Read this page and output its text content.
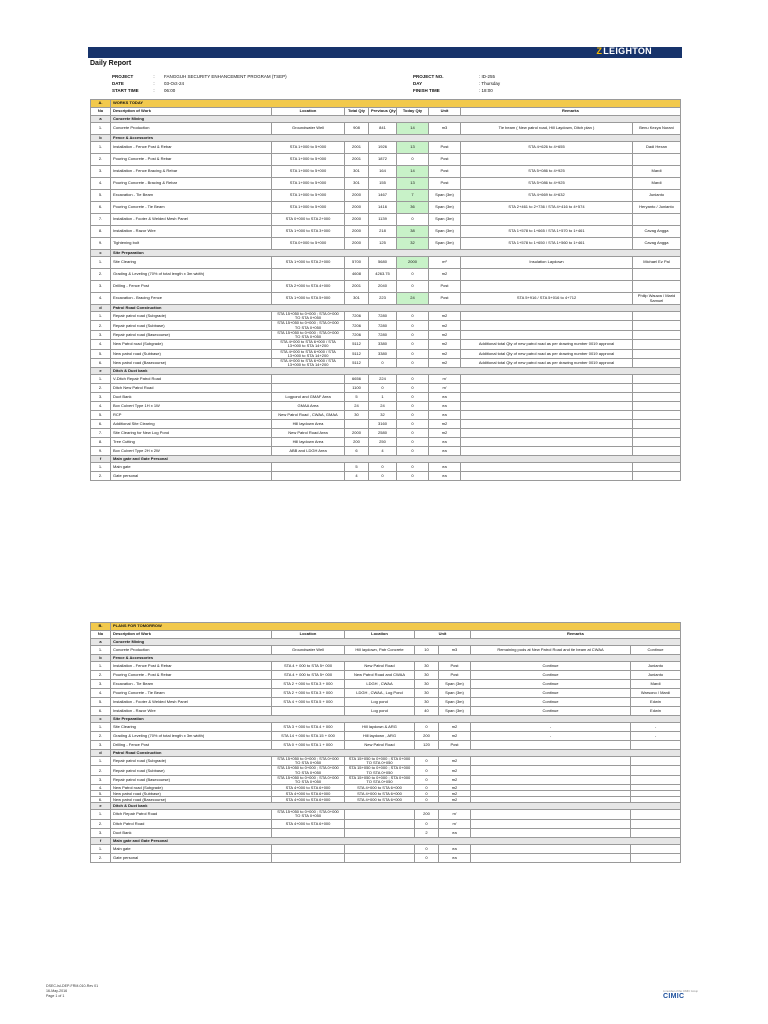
ZLEIGHTON
Daily Report
PROJECT	: FANGGUH SECURITY ENHANCEMENT PROGRAM (TSEP)
DATE	: 03-Oct-24
START TIME	: 06:00
PROJECT NO.	: ID-255
DAY	: Thursday
FINISH TIME	: 18:00
A.	WORKS TODAY							
No	Description of Work	Location	Total Qty	Previous Qty	Today Qty	Unit	Remarks	
a	Concrete Mixing							
1.	Concrete Production	Groundwater Well	908	841	14	m3	Tie beam ( New patrol road, Hill Laydown, Ditch plan )	Benu Kezya Nurani
b	Fence & Accessories							
1.	Installation - Fence Post & Rebar	STA 1+000 to 5+000	2001	1926	13	Post	STA 4+626 to 4+655	Dadi Hexan
2.	Pouring Concrete - Post & Rebar	STA 1+000 to 5+000	2001	1872	0	Post		
3.	Installation - Fence Bracing & Rebar	STA 1+000 to 5+000	301	164	14	Post	STA 5+086 to 4+925	Mardi
4.	Pouring Concrete - Bracing & Rebar	STA 1+000 to 5+000	301	155	13	Post	STA 5+086 to 4+925	Mardi
5.	Excavation - Tie Beam	STA 1+000 to 5+000	2000	1467	7	Span (3m)	STA 4+669 to 4+632	Junianto
6.	Pouring Concrete - Tie Beam	STA 1+000 to 5+000	2000	1416	36	Span (3m)	STA 2+461 to 2+736 / STA 4+416 to 4+574	Heryanto / Junianto
7.	Installation - Footer & Welded Mesh Panel	STA 0+000 to STA 2+000	2000	1139	0	Span (3m)		
8.	Installation - Razor Wire	STA 1+000 to STA 3+000	2000	218	38	Span (3m)	STA 1+578 to 1+665 / STA 1+570 to 1+461	Cavag Angga
9.	Tightening bolt	STA 0+000 to 5+000	2000	125	32	Span (3m)	STA 1+578 to 1+650 / STA 1+560 to 1+461	Cavag Angga
c	Site Preparation							
1.	Site Clearing	STA 1+000 to STA 2+000	5700	5680	2000	m²	Insulation Laydown	Michael Ez Pal
2.	Grading & Leveling (70% of total length x 3m width)		4608	4263.75	0	m2		
3.	Drilling - Fence Post	STA 2+000 to STA 4+000	2001	2040	0	Post		
4.	Excavation - Bracing Fence	STA 1+000 to STA 5+000	301	223	24	Post	STA 5+916 / STA 5+016 to 4+712	Philip Wauwa / Marid Samuel
d	Patrol Road Construction							
1.	Repair patrol road (Subgrade)	STA 15+050 to 0+000 ; STA 0+000 TO STA 0+050	7206	7280	0	m2		
2.	Repair patrol road (Subbase)	STA 15+050 to 0+000 ; STA 0+000 TO STA 0+050	7206	7280	0	m2		
3.	Repair patrol road (Basecourse)	STA 15+050 to 0+000 ; STA 0+000 TO STA 0+050	7206	7280	0	m2		
4.	New Patrol road (Subgrade)	STA 4+000 to STA 6+000 / STA 13+000 to STA 14+200	5112	3380	0	m2	Additional total Qty of new patrol road as per drawing number 0019 approval	
5.	New patrol road (Subbase)	STA 4+000 to STA 6+000 / STA 13+000 to STA 14+200	5112	3380	0	m2	Additional total Qty of new patrol road as per drawing number 0019 approval	
6.	New patrol road (Basecourse)	STA 4+000 to STA 6+000 / STA 13+000 to STA 14+200	5112	0	0	m2	Additional total Qty of new patrol road as per drawing number 0019 approval	
e	Ditch & Duct bank							
1.	V-Ditch Repair Patrol Road		6656	224	0	m'		
2.	Ditch New Patrol Road		1100	0	0	m'		
3.	Duct Bank	Logpond and GMAF Area	5	1	0	ea		
4.	Box Culvert Type 1H x 1W	GMAA Area	24	24	0	ea		
5.	RCP	New Patrol Road , CWAA, GMAA	30	32	0	ea		
6.	Additional Site Clearing	Hill laydown Area		3160	0	m2		
7.	Site Clearing for New Log Pond	New Patrol Road Area	2000	2580	0	m2		
8.	Tree Cutting	Hill laydown Area	200	250	0	ea		
9.	Box Culvert Type 2H x 2W	ABB and LDGH Area	6	4	0	ea		
f	Main gate and Gate Personal							
1.	Main gate		5	0	0	ea		
2.	Gate personal		4	0	0	ea		
B.	PLANS FOR TOMORROW						
No	Description of Work	Location	Location	Unit		Remarks	
a	Concrete Mixing						
1.	Concrete Production	Groundwater Well	Hill laydown, Patr Concrete	10	m3	Remaining pods at New Patrol Road and tie beam at CWAA	Continue
b	Fence & Accessories						
1.	Installation - Fence Post & Rebar	STA 4 + 000 to STA 5+ 000	New Patrol Road	30	Post	Continue	Junianto
2.	Pouring Concrete - Post & Rebar	STA 4 + 000 to STA 5+ 000	New Patrol Road and CWAA	30	Post	Continue	Junianto
3.	Excavation - Tie Beam	STA 2 + 000 to STA 3 + 000	LDGH , CWAA	30	Span (3m)	Continue	Mardi
4.	Pouring Concrete - Tie Beam	STA 2 + 000 to STA 3 + 000	LDGH , CWAA , Log Pond	30	Span (3m)	Continue	Warsono / Mardi
5.	Installation - Footer & Welded Mesh Panel	STA 4 + 000 to STA 5 + 000	Log pond	30	Span (3m)	Continue	Edwin
6.	Installation - Razor Wire		Log pond	40	Span (3m)	Continue	Edwin
c	Site Preparation						
1.	Site Clearing	STA 3 + 000 to STA 4 + 000	Hill laydown & ARG	0	m2	-	-
2.	Grading & Leveling (70% of total length x 3m width)	STA 14 + 000 to STA 15 + 000	Hill laydown , ARG	200	m2	-	-
3.	Drilling - Fence Post	STA 0 + 000 to STA 1 + 000	New Patrol Road	120	Post		
d	Patrol Road Construction						
1.	Repair patrol road (Subgrade)	STA 15+050 to 0+000 ; STA 0+000 TO STA 0+050	STA 15+050 to 0+000 ; STA 0+000 TO STA 0+050	0	m2		
2.	Repair patrol road (Subbase)	STA 15+050 to 0+000 ; STA 0+000 TO STA 0+050	STA 15+050 to 0+000 ; STA 0+000 TO STA 0+050	0	m2		
3.	Repair patrol road (Basecourse)	STA 15+050 to 0+000 ; STA 0+000 TO STA 0+050	STA 15+050 to 0+000 ; STA 0+000 TO STA 0+050	0	m2		
4.	New Patrol road (Subgrade)	STA 4+000 to STA 6+000	STA 4+000 to STA 6+000	0	m2		
5.	New patrol road (Subbase)	STA 4+000 to STA 6+000	STA 4+000 to STA 6+000	0	m2		
6.	New patrol road (Basecourse)	STA 4+000 to STA 6+000	STA 4+000 to STA 6+000	0	m2		
e	Ditch & Duct bank						
1.	Ditch Repair Patrol Road	STA 15+050 to 0+000 ; STA 0+000 TO STA 0+050		200	m'		
2.	Ditch Patrol Road	STA 4+000 to STA 6+000		0	m'		
3.	Duct Bank			2	ea		
f	Main gate and Gate Personal						
1.	Main gate			0	ea		
2.	Gate personal			0	ea		
DSEC-Isl-DEP-FRM-010-Rev 01
16-May-2016
Page 1 of 1
A member of the CIMIC Group
CIMIC
